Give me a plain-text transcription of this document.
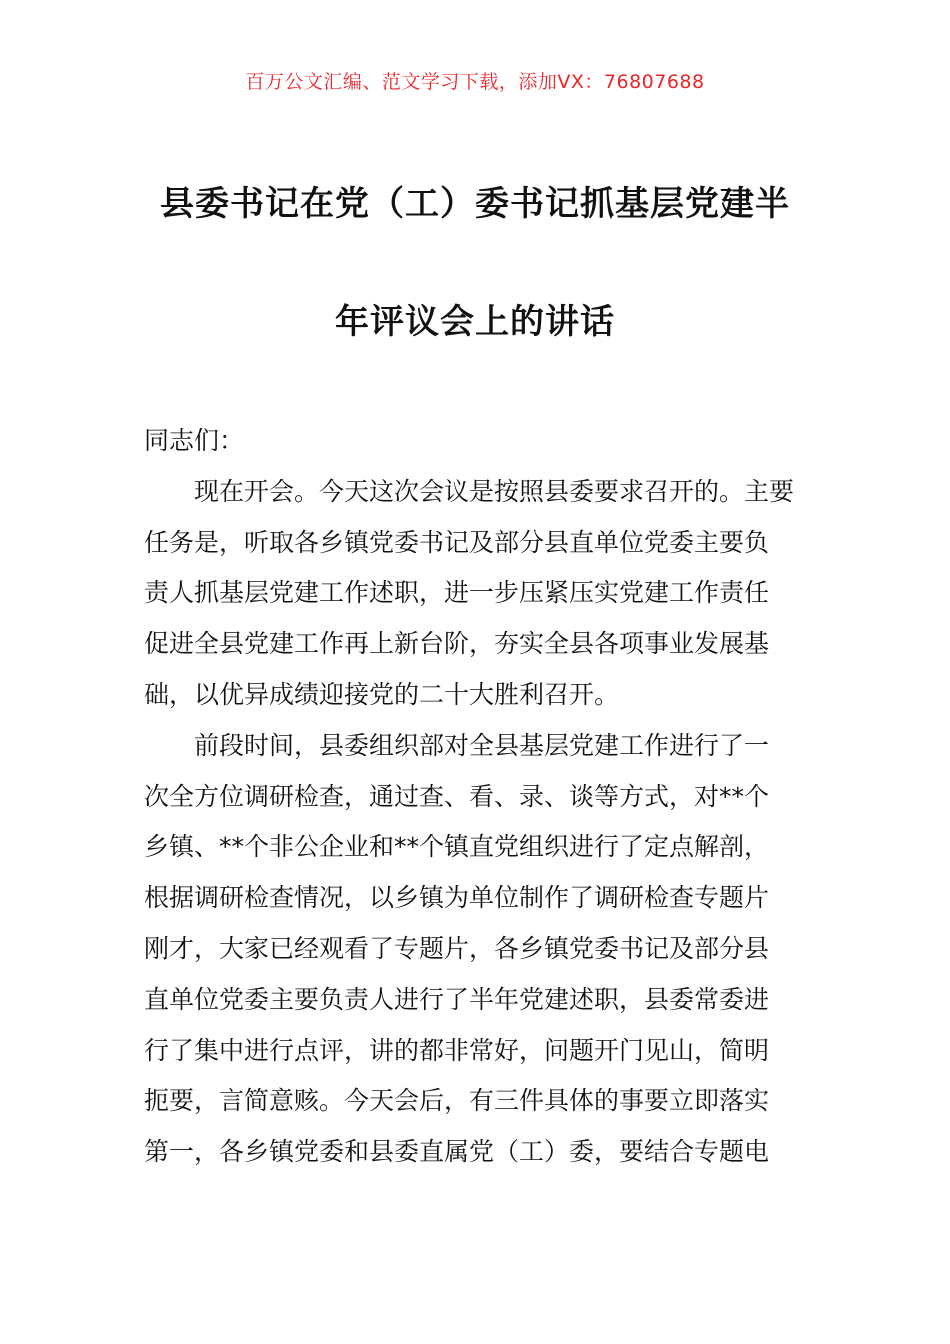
百万公文汇编、范文学习下载，添加VX：76807688
县委书记在党（工）委书记抓基层党建半
年评议会上的讲话
同志们：
现在开会。今天这次会议是按照县委要求召开的。主要
任务是，听取各乡镇党委书记及部分县直单位党委主要负
责人抓基层党建工作述职，进一步压紧压实党建工作责任
促进全县党建工作再上新台阶，夯实全县各项事业发展基
础，以优异成绩迎接党的二十大胜利召开。
前段时间，县委组织部对全县基层党建工作进行了一
次全方位调研检查，通过查、看、录、谈等方式，对**个
乡镇、**个非公企业和**个镇直党组织进行了定点解剖，
根据调研检查情况，以乡镇为单位制作了调研检查专题片
刚才，大家已经观看了专题片，各乡镇党委书记及部分县
直单位党委主要负责人进行了半年党建述职，县委常委进
行了集中进行点评，讲的都非常好，问题开门见山，简明
扼要，言简意赅。今天会后，有三件具体的事要立即落实
第一，各乡镇党委和县委直属党（工）委，要结合专题电
